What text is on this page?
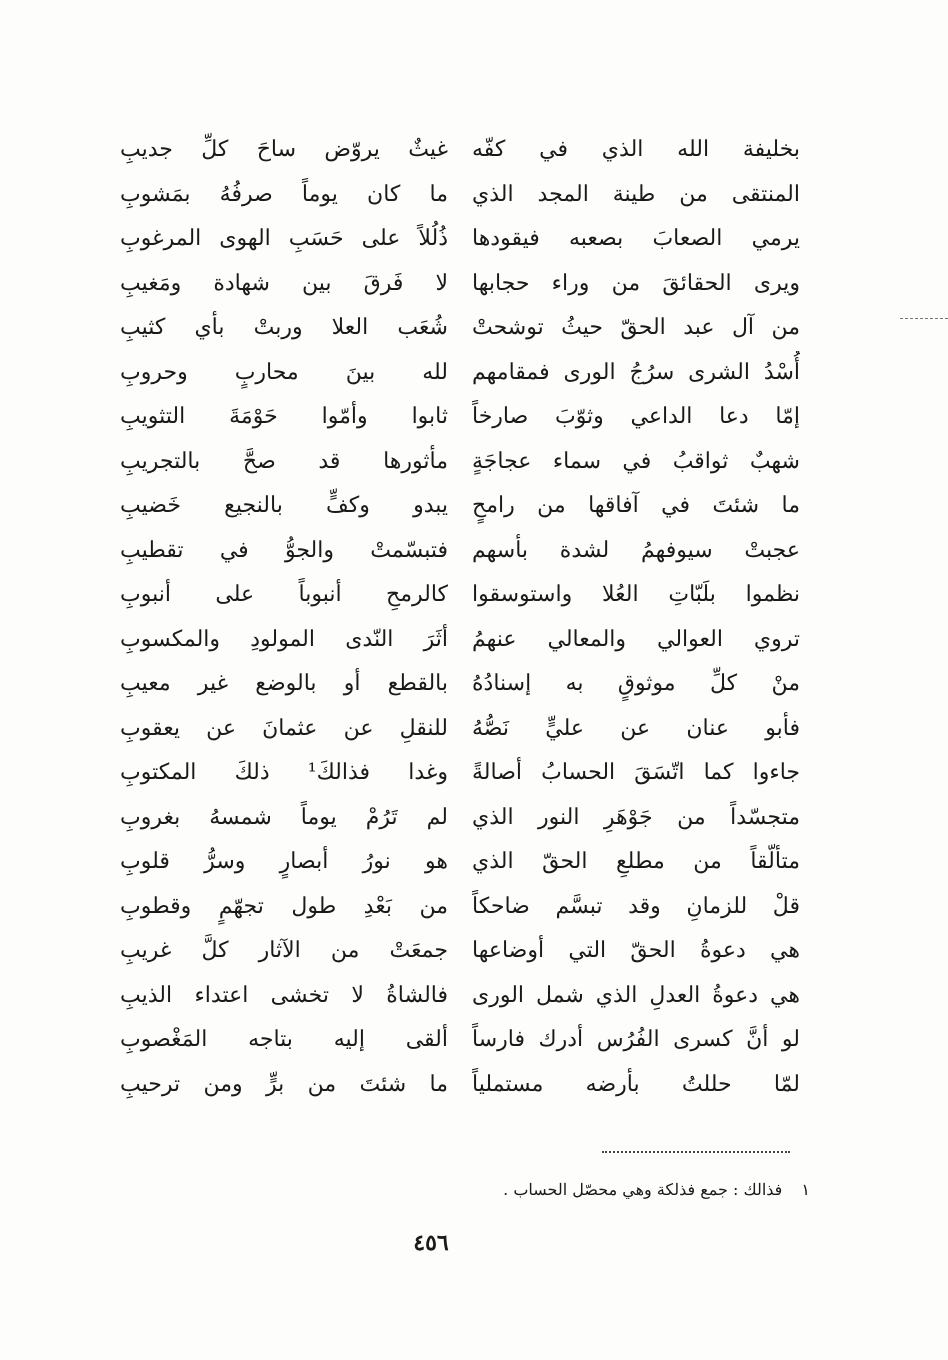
بخليفة الله الذي في كفّه
غيثٌ يروّض ساحَ كلِّ جديبِ
المنتقى من طينة المجد الذي
ما كان يوماً صرفُهُ بمَشوبِ
يرمي الصعابَ بصعبه فيقودها
ذُلُلاً على حَسَبِ الهوى المرغوبِ
ويرى الحقائقَ من وراء حجابها
لا فَرقَ بين شهادة ومَغيبِ
من آل عبد الحقّ حيثُ توشحتْ
شُعَب العلا وربتْ بأي كثيبِ
أُسْدُ الشرى سرُجُ الورى فمقامهم
لله بينَ محاربٍ وحروبِ
إمّا دعا الداعي وثوّبَ صارخاً
ثابوا وأمّوا حَوْمَةَ التثويبِ
شهبٌ ثواقبُ في سماء عجاجَةٍ
مأثورها قد صحَّ بالتجريبِ
ما شئتَ في آفاقها من رامحٍ
يبدو وكفٍّ بالنجيع خَضيبِ
عجبتْ سيوفهمُ لشدة بأسهم
فتبسّمتْ والجوُّ في تقطيبِ
نظموا بلَبّاتِ العُلا واستوسقوا
كالرمحِ أنبوباً على أنبوبِ
تروي العوالي والمعالي عنهمُ
أثَرَ النّدى المولودِ والمكسوبِ
منْ كلِّ موثوقٍ به إسنادُهُ
بالقطع أو بالوضع غير معيبِ
فأبو عنان عن عليٍّ نَصُّهُ
للنقلِ عن عثمانَ عن يعقوبِ
جاءوا كما اتّسَقَ الحسابُ أصالةً
وغدا فذالكَ¹ ذلكَ المكتوبِ
متجسّداً من جَوْهَرِ النور الذي
لم تَرُمْ يوماً شمسهُ بغروبِ
متألّقاً من مطلعِ الحقّ الذي
هو نورُ أبصارٍ وسرُّ قلوبِ
قلْ للزمانِ وقد تبسَّم ضاحكاً
من بَعْدِ طول تجهّمٍ وقطوبِ
هي دعوةُ الحقّ التي أوضاعها
جمعَتْ من الآثار كلَّ غريبِ
هي دعوةُ العدلِ الذي شمل الورى
فالشاةُ لا تخشى اعتداء الذيبِ
لو أنَّ كسرى الفُرُس أدرك فارساً
ألقى إليه بتاجه المَغْصوبِ
لمّا حللتُ بأرضه مستملياً
ما شئتَ من برٍّ ومن ترحيبِ
١ فذالك : جمع فذلكة وهي محصّل الحساب .
٤٥٦
